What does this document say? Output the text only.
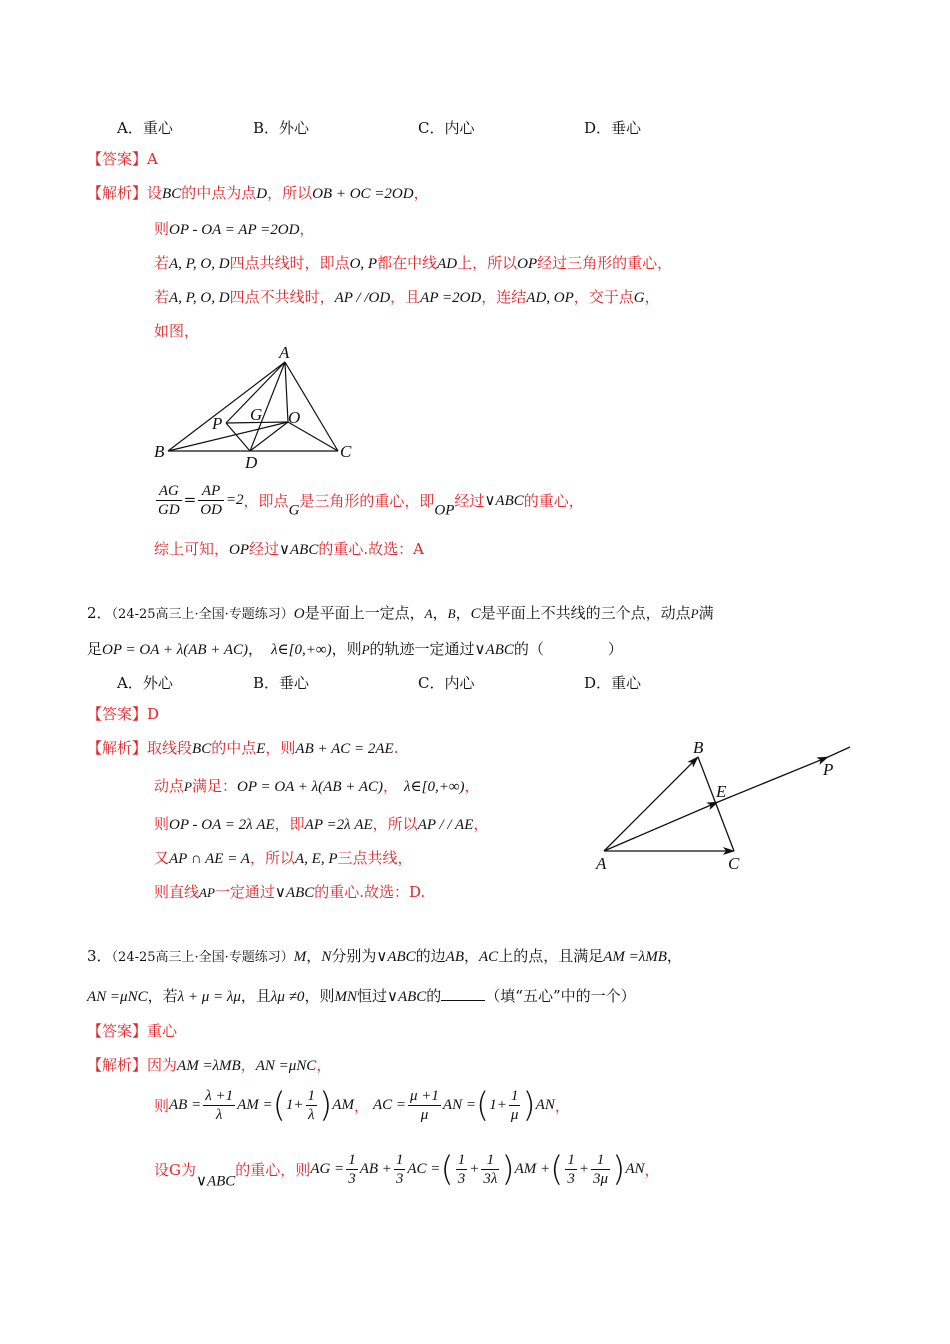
A．重心	B．外心	C．内心	D．垂心
【答案】A
【解析】设BC的中点为点D，所以OB + OC =2OD，
则OP - OA = AP =2OD，
若A, P, O, D四点共线时，即点O, P都在中线AD上，所以OP经过三角形的重心，
若A, P, O, D四点不共线时，AP / /OD，且AP =2OD，连结AD, OP，交于点G，
如图，
A
B	C
D
G O
P
$\frac{AG}{GD} = \frac{AP}{OD} =2$，即点G是三角形的重心，即OP经过∨ABC的重心，
综上可知，OP经过∨ABC的重心.故选：A
2．（24-25高三上·全国·专题练习）O是平面上一定点，A，B，C是平面上不共线的三个点，动点P满
足OP = OA + λ(AB + AC)， λ∈[0,+∞)，则P的轨迹一定通过∨ABC的（	）
A．外心	B．垂心	C．内心	D．重心
【答案】D
【解析】取线段BC的中点E，则AB + AC = 2AE.
动点P满足：OP = OA + λ(AB + AC)， λ∈[0,+∞)，
则OP - OA = 2λ AE，即AP =2λ AE，所以AP / / AE，
又AP ∩ AE = A，所以A, E, P三点共线，
则直线AP一定通过∨ABC的重心.故选：D.
B
A	C
E
P
3．（24-25高三上·全国·专题练习）M，N分别为∨ABC的边AB，AC上的点，且满足AM =λMB，
AN =μNC，若λ + μ = λμ，且λμ ≠0，则MN恒过∨ABC的	（填“五心”中的一个）
【答案】重心
【解析】因为AM =λMB，AN =μNC，
则AB = $\frac{\lambda +1}{\lambda}$ AM $=(1+ \frac{1}{\lambda} )AM$， AC = $\frac{\mu +1}{\mu}$ AN $=(1+ \frac{1}{\mu} )AN$，
设G为∨ABC的重心，则AG = $\frac{1}{3}$ AB + $\frac{1}{3}$ AC =( $\frac{1}{3} + \frac{1}{3\lambda} )AM$ +( $\frac{1}{3} + \frac{1}{3\mu} )AN$，
